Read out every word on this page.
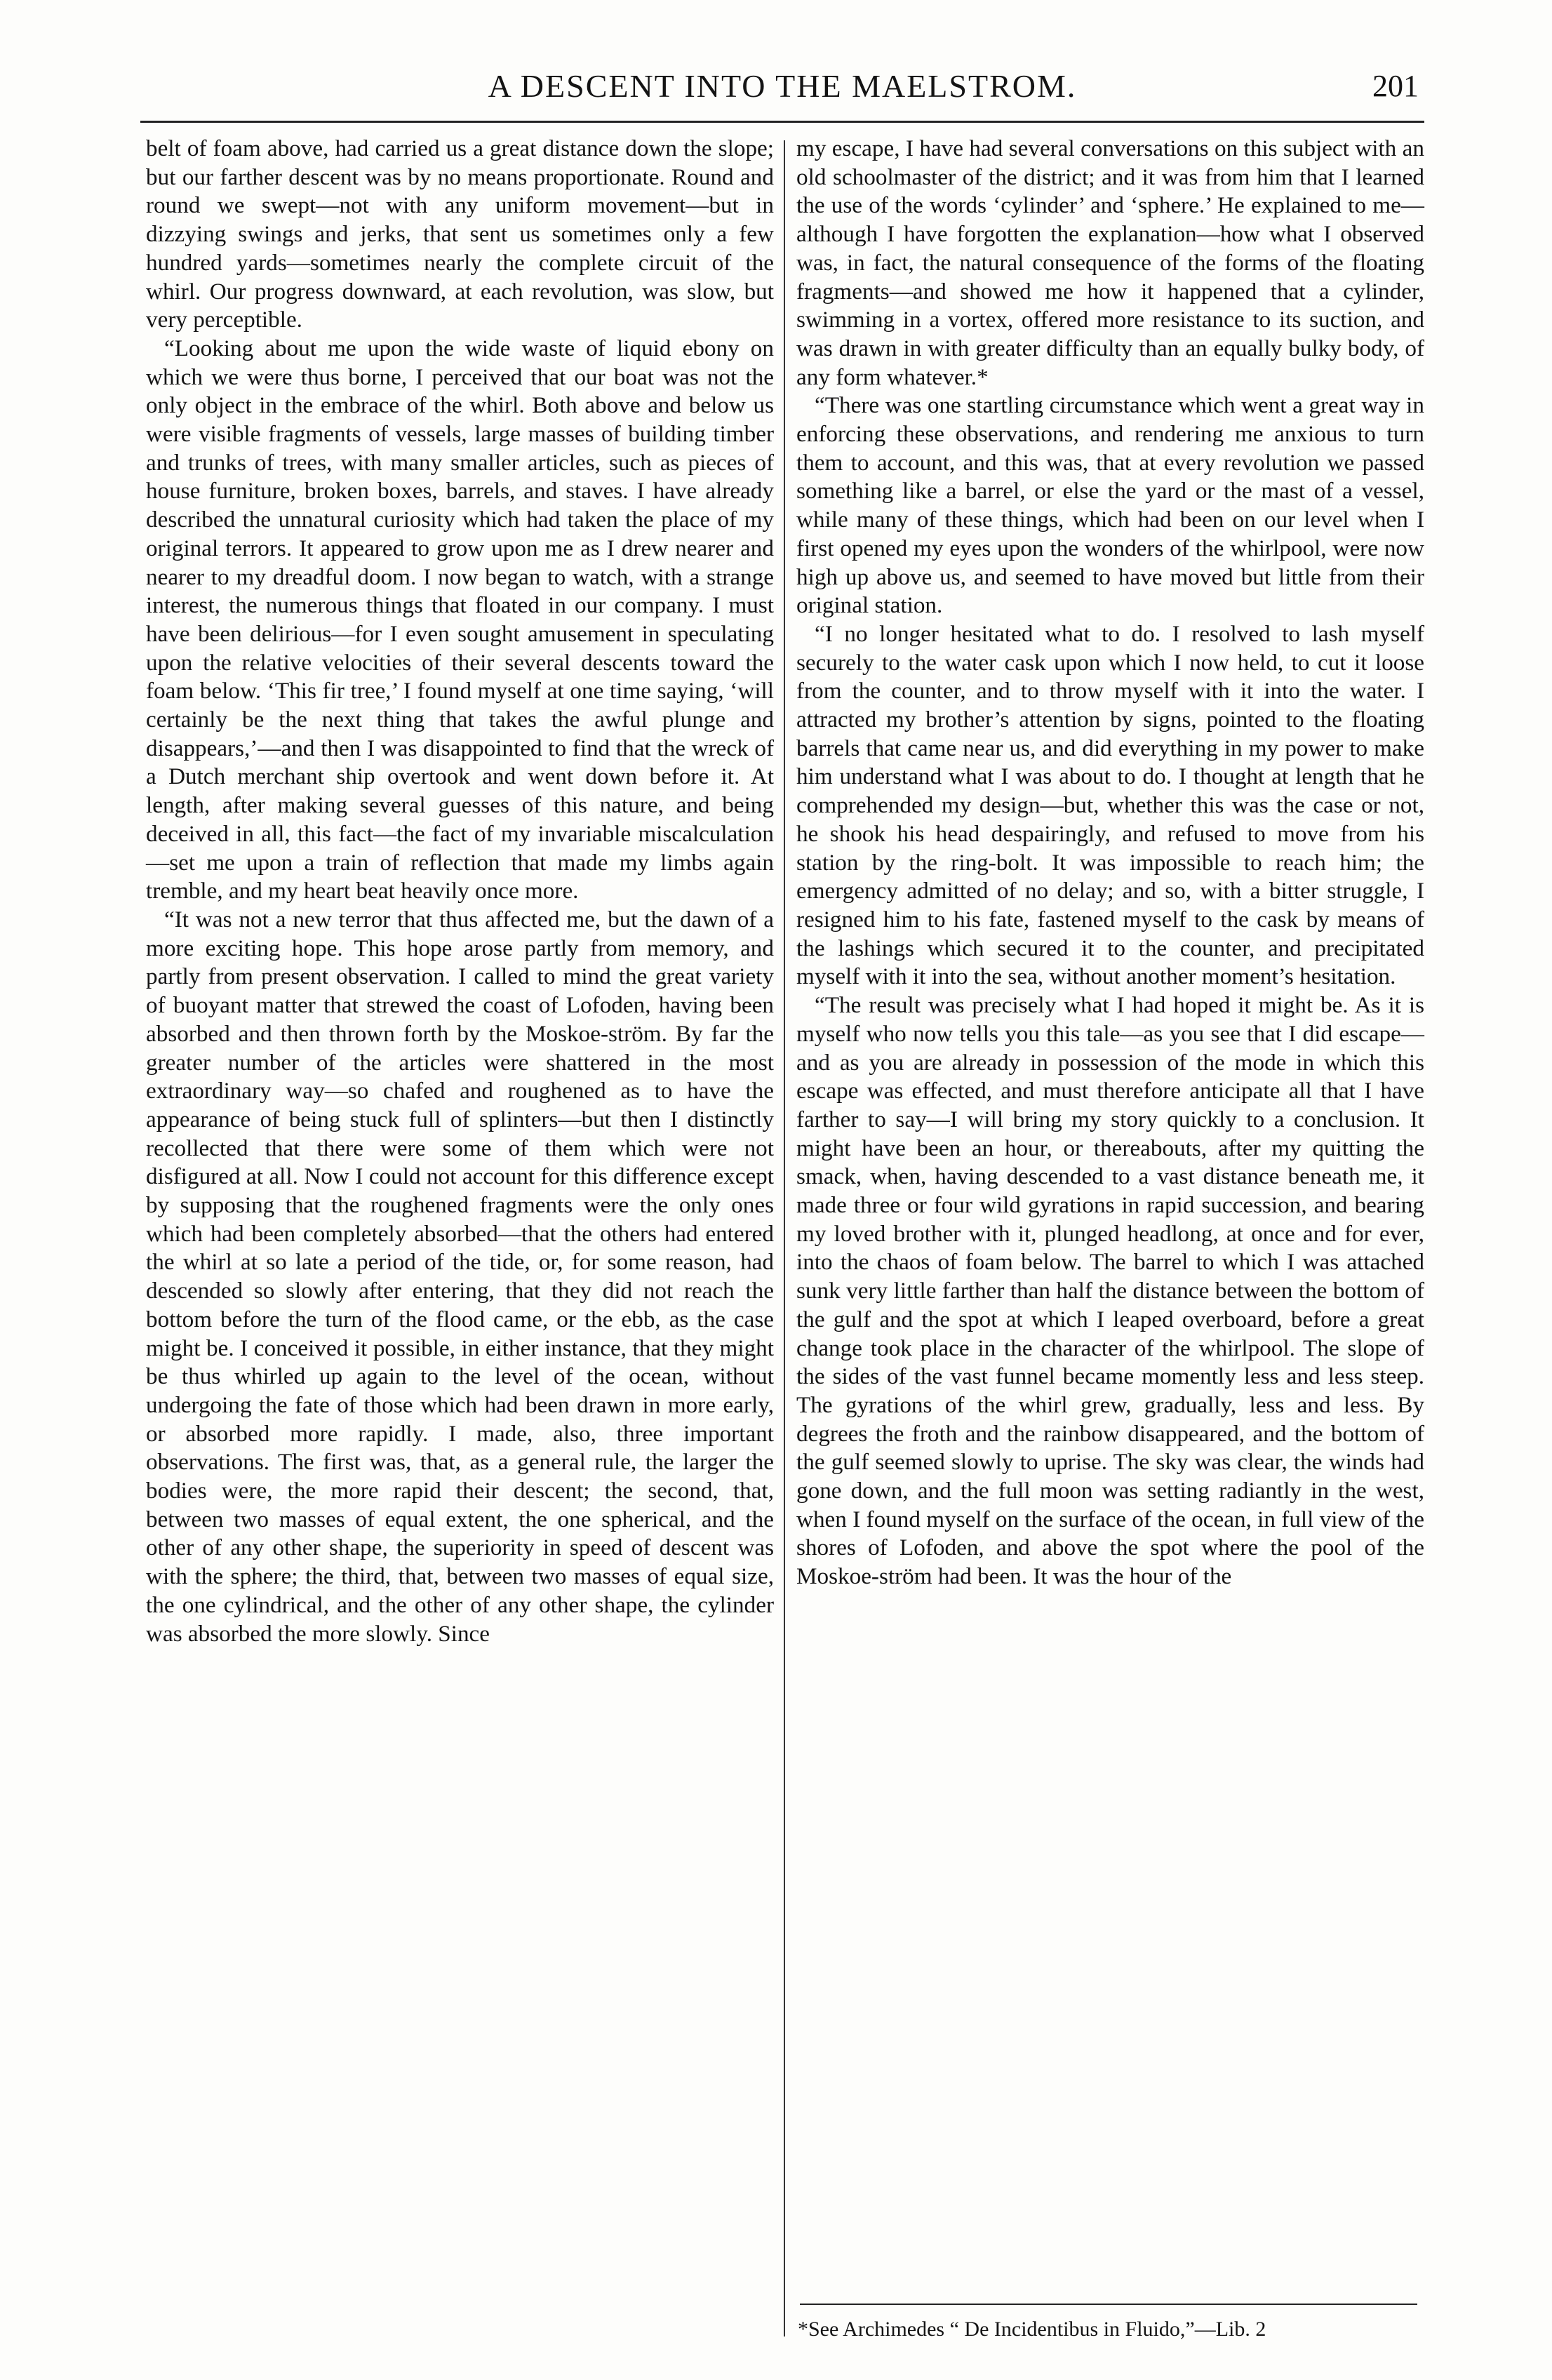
A DESCENT INTO THE MAELSTROM.	201

belt of foam above, had carried us a great distance down the slope; but our farther descent was by no means proportionate. Round and round we swept—not with any uniform movement—but in dizzying swings and jerks, that sent us sometimes only a few hundred yards—sometimes nearly the complete circuit of the whirl. Our progress downward, at each revolution, was slow, but very perceptible.

“Looking about me upon the wide waste of liquid ebony on which we were thus borne, I perceived that our boat was not the only object in the embrace of the whirl. Both above and below us were visible fragments of vessels, large masses of building timber and trunks of trees, with many smaller articles, such as pieces of house furniture, broken boxes, barrels, and staves. I have already described the unnatural curiosity which had taken the place of my original terrors. It appeared to grow upon me as I drew nearer and nearer to my dreadful doom. I now began to watch, with a strange interest, the numerous things that floated in our company. I must have been delirious—for I even sought amusement in speculating upon the relative velocities of their several descents toward the foam below. ‘This fir tree,’ I found myself at one time saying, ‘will certainly be the next thing that takes the awful plunge and disappears,’—and then I was disappointed to find that the wreck of a Dutch merchant ship overtook and went down before it. At length, after making several guesses of this nature, and being deceived in all, this fact—the fact of my invariable miscalculation—set me upon a train of reflection that made my limbs again tremble, and my heart beat heavily once more.

“It was not a new terror that thus affected me, but the dawn of a more exciting hope. This hope arose partly from memory, and partly from present observation. I called to mind the great variety of buoyant matter that strewed the coast of Lofoden, having been absorbed and then thrown forth by the Moskoe-ström. By far the greater number of the articles were shattered in the most extraordinary way—so chafed and roughened as to have the appearance of being stuck full of splinters—but then I distinctly recollected that there were some of them which were not disfigured at all. Now I could not account for this difference except by supposing that the roughened fragments were the only ones which had been completely absorbed—that the others had entered the whirl at so late a period of the tide, or, for some reason, had descended so slowly after entering, that they did not reach the bottom before the turn of the flood came, or the ebb, as the case might be. I conceived it possible, in either instance, that they might be thus whirled up again to the level of the ocean, without undergoing the fate of those which had been drawn in more early, or absorbed more rapidly. I made, also, three important observations. The first was, that, as a general rule, the larger the bodies were, the more rapid their descent; the second, that, between two masses of equal extent, the one spherical, and the other of any other shape, the superiority in speed of descent was with the sphere; the third, that, between two masses of equal size, the one cylindrical, and the other of any other shape, the cylinder was absorbed the more slowly. Since

my escape, I have had several conversations on this subject with an old schoolmaster of the district; and it was from him that I learned the use of the words ‘cylinder’ and ‘sphere.’ He explained to me—although I have forgotten the explanation—how what I observed was, in fact, the natural consequence of the forms of the floating fragments—and showed me how it happened that a cylinder, swimming in a vortex, offered more resistance to its suction, and was drawn in with greater difficulty than an equally bulky body, of any form whatever.*

“There was one startling circumstance which went a great way in enforcing these observations, and rendering me anxious to turn them to account, and this was, that at every revolution we passed something like a barrel, or else the yard or the mast of a vessel, while many of these things, which had been on our level when I first opened my eyes upon the wonders of the whirlpool, were now high up above us, and seemed to have moved but little from their original station.

“I no longer hesitated what to do. I resolved to lash myself securely to the water cask upon which I now held, to cut it loose from the counter, and to throw myself with it into the water. I attracted my brother’s attention by signs, pointed to the floating barrels that came near us, and did everything in my power to make him understand what I was about to do. I thought at length that he comprehended my design—but, whether this was the case or not, he shook his head despairingly, and refused to move from his station by the ring-bolt. It was impossible to reach him; the emergency admitted of no delay; and so, with a bitter struggle, I resigned him to his fate, fastened myself to the cask by means of the lashings which secured it to the counter, and precipitated myself with it into the sea, without another moment’s hesitation.

“The result was precisely what I had hoped it might be. As it is myself who now tells you this tale—as you see that I did escape—and as you are already in possession of the mode in which this escape was effected, and must therefore anticipate all that I have farther to say—I will bring my story quickly to a conclusion. It might have been an hour, or thereabouts, after my quitting the smack, when, having descended to a vast distance beneath me, it made three or four wild gyrations in rapid succession, and bearing my loved brother with it, plunged headlong, at once and for ever, into the chaos of foam below. The barrel to which I was attached sunk very little farther than half the distance between the bottom of the gulf and the spot at which I leaped overboard, before a great change took place in the character of the whirlpool. The slope of the sides of the vast funnel became momently less and less steep. The gyrations of the whirl grew, gradually, less and less. By degrees the froth and the rainbow disappeared, and the bottom of the gulf seemed slowly to uprise. The sky was clear, the winds had gone down, and the full moon was setting radiantly in the west, when I found myself on the surface of the ocean, in full view of the shores of Lofoden, and above the spot where the pool of the Moskoe-ström had been. It was the hour of the

*See Archimedes “ De Incidentibus in Fluido,”—Lib. 2
